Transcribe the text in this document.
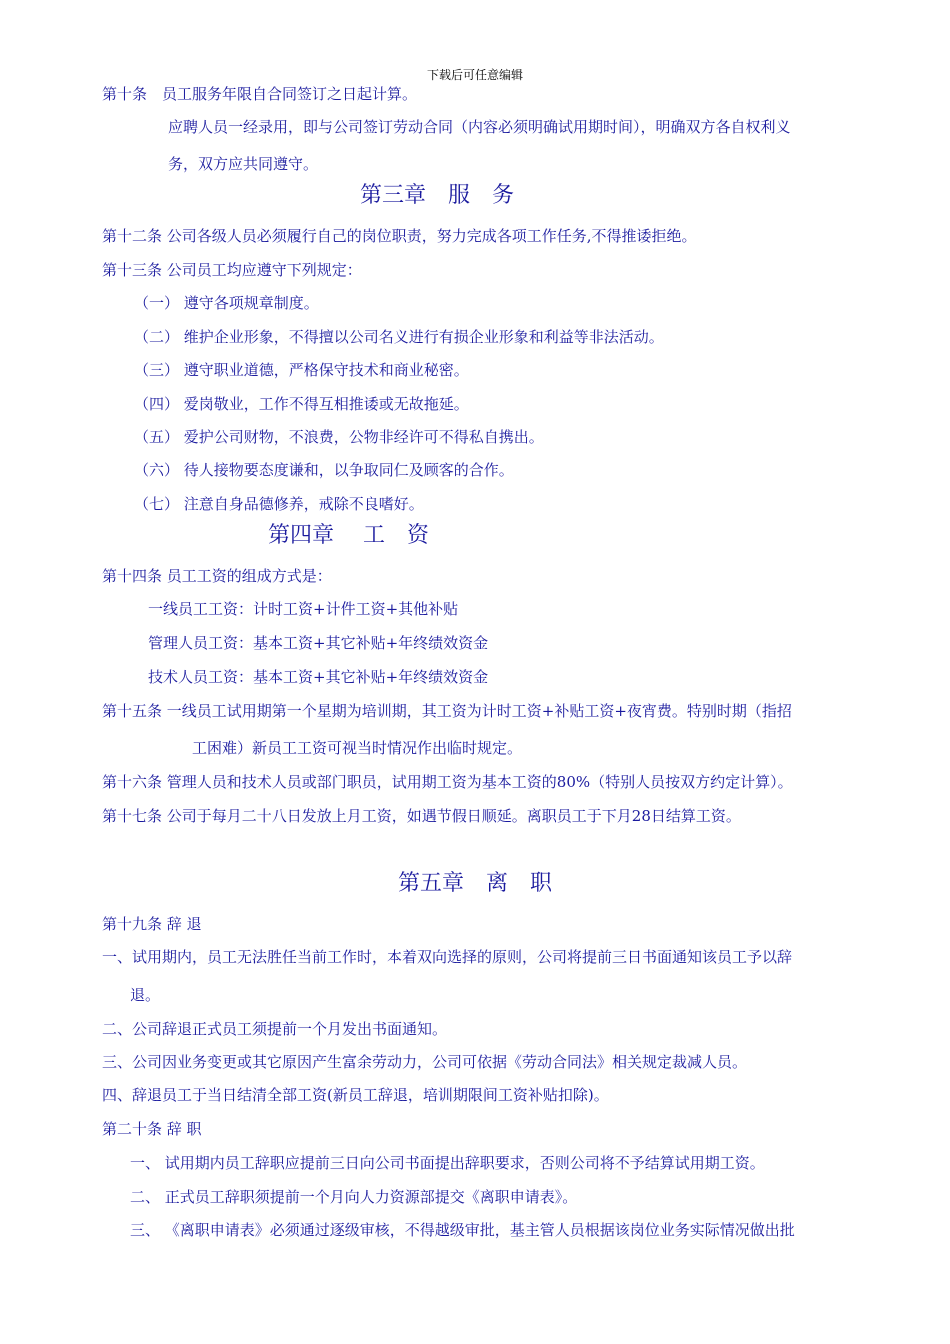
下载后可任意编辑
第十条　员工服务年限自合同签订之日起计算。
应聘人员一经录用，即与公司签订劳动合同（内容必须明确试用期时间），明确双方各自权利义
务，双方应共同遵守。
第三章　服　务
第十二条 公司各级人员必须履行自己的岗位职责，努力完成各项工作任务,不得推诿拒绝。
第十三条 公司员工均应遵守下列规定：
（一） 遵守各项规章制度。
（二） 维护企业形象，不得擅以公司名义进行有损企业形象和利益等非法活动。
（三） 遵守职业道德，严格保守技术和商业秘密。
（四） 爱岗敬业，工作不得互相推诿或无故拖延。
（五） 爱护公司财物，不浪费，公物非经许可不得私自携出。
（六） 待人接物要态度谦和，以争取同仁及顾客的合作。
（七） 注意自身品德修养，戒除不良嗜好。
第四章　 工　资
第十四条 员工工资的组成方式是：
一线员工工资：计时工资+计件工资+其他补贴
管理人员工资：基本工资+其它补贴+年终绩效资金
技术人员工资：基本工资+其它补贴+年终绩效资金
第十五条 一线员工试用期第一个星期为培训期，其工资为计时工资+补贴工资+夜宵费。特别时期（指招
工困难）新员工工资可视当时情况作出临时规定。
第十六条 管理人员和技术人员或部门职员，试用期工资为基本工资的80%（特别人员按双方约定计算）。
第十七条 公司于每月二十八日发放上月工资，如遇节假日顺延。离职员工于下月28日结算工资。
第五章　离　职
第十九条 辞 退
一、试用期内，员工无法胜任当前工作时，本着双向选择的原则，公司将提前三日书面通知该员工予以辞
退。
二、公司辞退正式员工须提前一个月发出书面通知。
三、公司因业务变更或其它原因产生富余劳动力，公司可依据《劳动合同法》相关规定裁减人员。
四、辞退员工于当日结清全部工资(新员工辞退，培训期限间工资补贴扣除)。
第二十条 辞 职
一、 试用期内员工辞职应提前三日向公司书面提出辞职要求，否则公司将不予结算试用期工资。
二、 正式员工辞职须提前一个月向人力资源部提交《离职申请表》。
三、 《离职申请表》必须通过逐级审核，不得越级审批，基主管人员根据该岗位业务实际情况做出批
